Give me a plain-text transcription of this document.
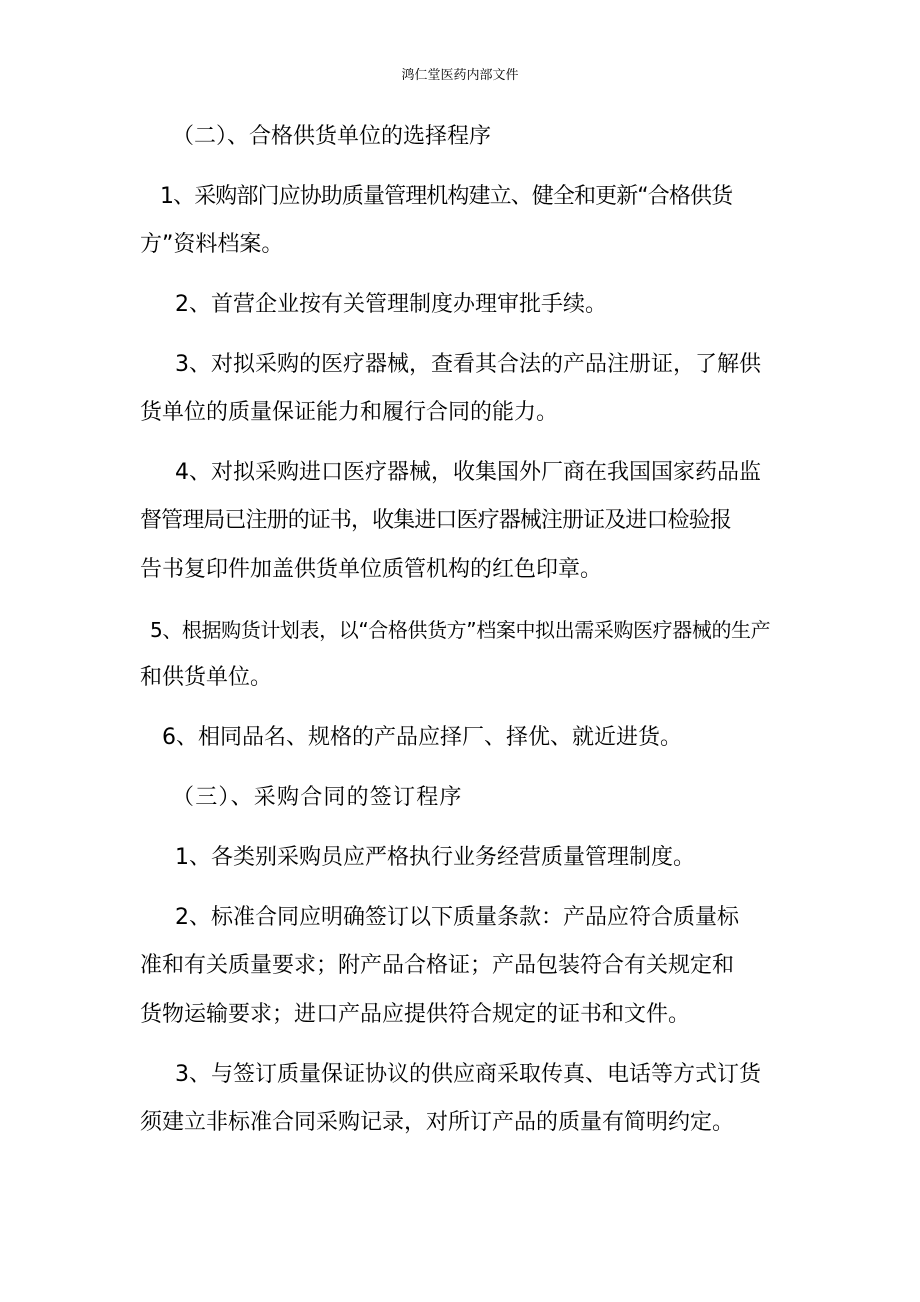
鸿仁堂医药内部文件
（二）、合格供货单位的选择程序
1、采购部门应协助质量管理机构建立、健全和更新“合格供货
方”资料档案。
2、首营企业按有关管理制度办理审批手续。
3、对拟采购的医疗器械，查看其合法的产品注册证，了解供
货单位的质量保证能力和履行合同的能力。
4、对拟采购进口医疗器械，收集国外厂商在我国国家药品监
督管理局已注册的证书，收集进口医疗器械注册证及进口检验报
告书复印件加盖供货单位质管机构的红色印章。
5、根据购货计划表，以“合格供货方”档案中拟出需采购医疗器械的生产
和供货单位。
6、相同品名、规格的产品应择厂、择优、就近进货。
（三）、采购合同的签订程序
1、各类别采购员应严格执行业务经营质量管理制度。
2、标准合同应明确签订以下质量条款：产品应符合质量标
准和有关质量要求；附产品合格证；产品包装符合有关规定和
货物运输要求；进口产品应提供符合规定的证书和文件。
3、与签订质量保证协议的供应商采取传真、电话等方式订货
须建立非标准合同采购记录，对所订产品的质量有简明约定。
